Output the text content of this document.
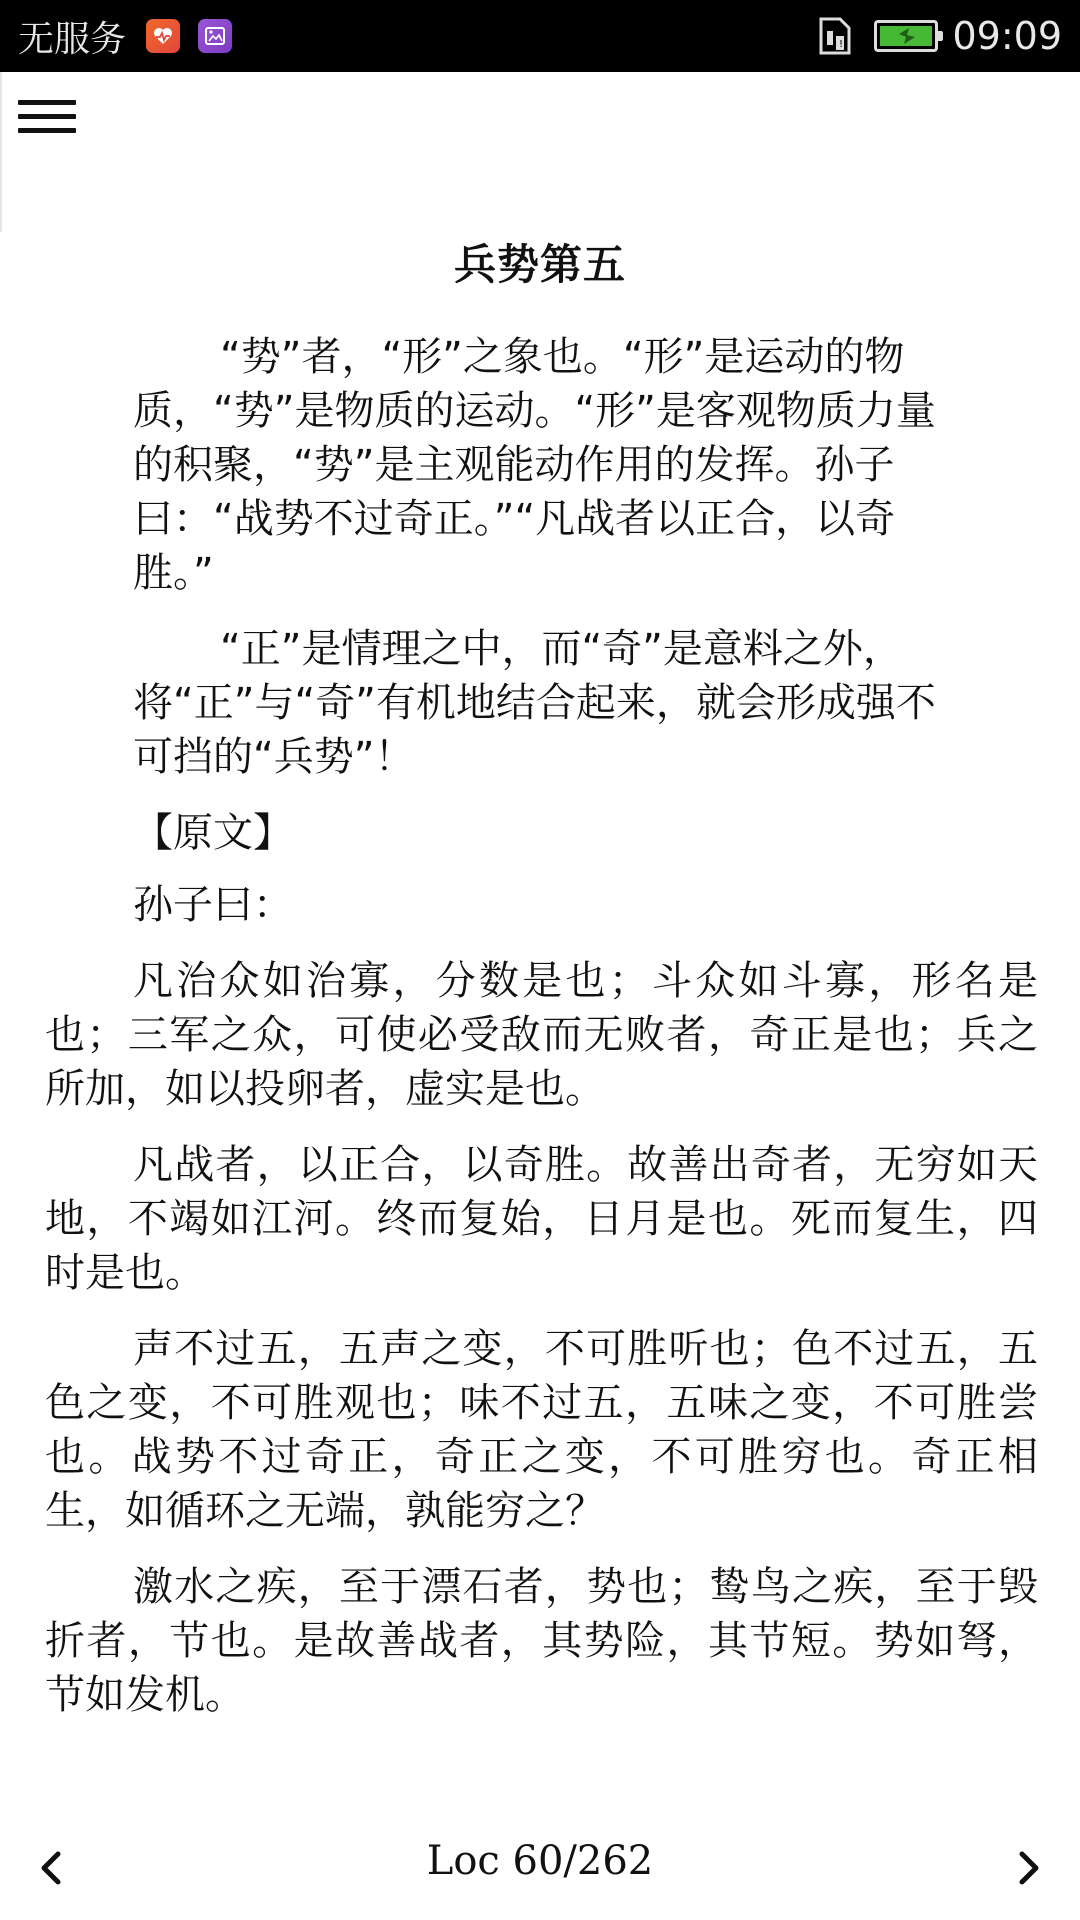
无服务	!	09:09
兵势第五

“势”者，“形”之象也。“形”是运动的物质，“势”是物质的运动。“形”是客观物质力量的积聚，“势”是主观能动作用的发挥。孙子曰：“战势不过奇正。”“凡战者以正合，以奇胜。”

“正”是情理之中，而“奇”是意料之外，将“正”与“奇”有机地结合起来，就会形成强不可挡的“兵势”！

【原文】
孙子曰：

凡治众如治寡，分数是也；斗众如斗寡，形名是也；三军之众，可使必受敌而无败者，奇正是也；兵之所加，如以投卵者，虚实是也。

凡战者，以正合，以奇胜。故善出奇者，无穷如天地，不竭如江河。终而复始，日月是也。死而复生，四时是也。

声不过五，五声之变，不可胜听也；色不过五，五色之变，不可胜观也；味不过五，五味之变，不可胜尝也。战势不过奇正，奇正之变，不可胜穷也。奇正相生，如循环之无端，孰能穷之？

激水之疾，至于漂石者，势也；鸷鸟之疾，至于毁折者，节也。是故善战者，其势险，其节短。势如弩，节如发机。

Loc 60/262
